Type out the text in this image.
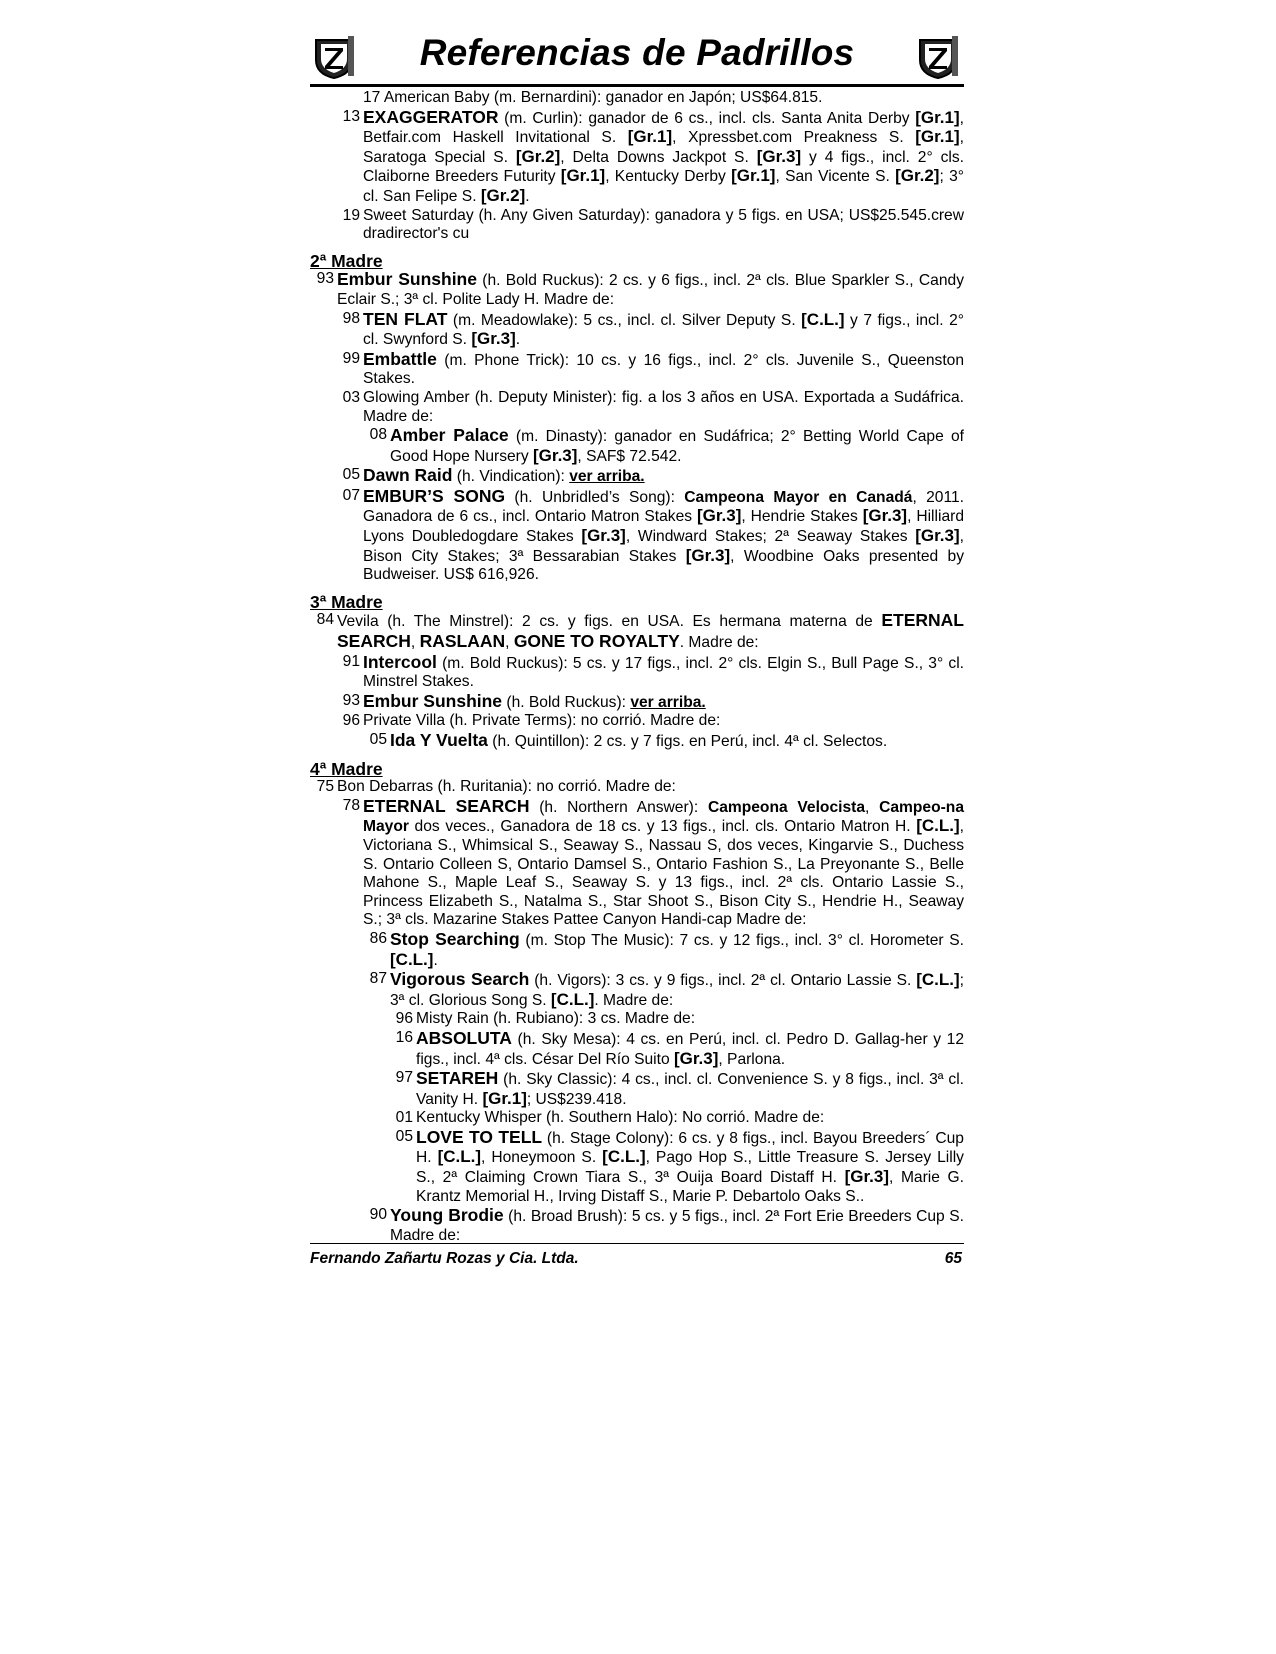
Referencias de Padrillos
17 American Baby (m. Bernardini): ganador en Japón; US$64.815.
13 EXAGGERATOR (m. Curlin): ganador de 6 cs., incl. cls. Santa Anita Derby [Gr.1], Betfair.com Haskell Invitational S. [Gr.1], Xpressbet.com Preakness S. [Gr.1], Saratoga Special S. [Gr.2], Delta Downs Jackpot S. [Gr.3] y 4 figs., incl. 2° cls. Claiborne Breeders Futurity [Gr.1], Kentucky Derby [Gr.1], San Vicente S. [Gr.2]; 3° cl. San Felipe S. [Gr.2].
19 Sweet Saturday (h. Any Given Saturday): ganadora y 5 figs. en USA; US$25.545.crew dradirector's cu
2ª Madre
93 Embur Sunshine (h. Bold Ruckus): 2 cs. y 6 figs., incl. 2ª cls. Blue Sparkler S., Candy Eclair S.; 3ª cl. Polite Lady H. Madre de:
98 TEN FLAT (m. Meadowlake): 5 cs., incl. cl. Silver Deputy S. [C.L.] y 7 figs., incl. 2° cl. Swynford S. [Gr.3].
99 Embattle (m. Phone Trick): 10 cs. y 16 figs., incl. 2° cls. Juvenile S., Queenston Stakes.
03 Glowing Amber (h. Deputy Minister): fig. a los 3 años en USA. Exportada a Sudáfrica. Madre de:
08 Amber Palace (m. Dinasty): ganador en Sudáfrica; 2° Betting World Cape of Good Hope Nursery [Gr.3], SAF$ 72.542.
05 Dawn Raid (h. Vindication): ver arriba.
07 EMBUR’S SONG (h. Unbridled’s Song): Campeona Mayor en Canadá, 2011. Ganadora de 6 cs., incl. Ontario Matron Stakes [Gr.3], Hendrie Stakes [Gr.3], Hilliard Lyons Doubledogdare Stakes [Gr.3], Windward Stakes; 2ª Seaway Stakes [Gr.3], Bison City Stakes; 3ª Bessarabian Stakes [Gr.3], Woodbine Oaks presented by Budweiser. US$ 616,926.
3ª Madre
84 Vevila (h. The Minstrel): 2 cs. y figs. en USA. Es hermana materna de ETERNAL SEARCH, RASLAAN, GONE TO ROYALTY. Madre de:
91 Intercool (m. Bold Ruckus): 5 cs. y 17 figs., incl. 2° cls. Elgin S., Bull Page S., 3° cl. Minstrel Stakes.
93 Embur Sunshine (h. Bold Ruckus): ver arriba.
96 Private Villa (h. Private Terms): no corrió. Madre de:
05 Ida Y Vuelta (h. Quintillon): 2 cs. y 7 figs. en Perú, incl. 4ª cl. Selectos.
4ª Madre
75 Bon Debarras (h. Ruritania): no corrió. Madre de:
78 ETERNAL SEARCH (h. Northern Answer): Campeona Velocista, Campeo-na Mayor dos veces., Ganadora de 18 cs. y 13 figs., incl. cls. Ontario Matron H. [C.L.], Victoriana S., Whimsical S., Seaway S., Nassau S, dos veces, Kingarvie S., Duchess S. Ontario Colleen S, Ontario Damsel S., Ontario Fashion S., La Preyonante S., Belle Mahone S., Maple Leaf S., Seaway S. y 13 figs., incl. 2ª cls. Ontario Lassie S., Princess Elizabeth S., Natalma S., Star Shoot S., Bison City S., Hendrie H., Seaway S.; 3ª cls. Mazarine Stakes Pattee Canyon Handi-cap Madre de:
86 Stop Searching (m. Stop The Music): 7 cs. y 12 figs., incl. 3° cl. Horometer S. [C.L.].
87 Vigorous Search (h. Vigors): 3 cs. y 9 figs., incl. 2ª cl. Ontario Lassie S. [C.L.]; 3ª cl. Glorious Song S. [C.L.]. Madre de:
96 Misty Rain (h. Rubiano): 3 cs. Madre de:
16 ABSOLUTA (h. Sky Mesa): 4 cs. en Perú, incl. cl. Pedro D. Gallag-her y 12 figs., incl. 4ª cls. César Del Río Suito [Gr.3], Parlona.
97 SETAREH (h. Sky Classic): 4 cs., incl. cl. Convenience S. y 8 figs., incl. 3ª cl. Vanity H. [Gr.1]; US$239.418.
01 Kentucky Whisper (h. Southern Halo): No corrió. Madre de:
05 LOVE TO TELL (h. Stage Colony): 6 cs. y 8 figs., incl. Bayou Breeders´ Cup H. [C.L.], Honeymoon S. [C.L.], Pago Hop S., Little Treasure S. Jersey Lilly S., 2ª Claiming Crown Tiara S., 3ª Ouija Board Distaff H. [Gr.3], Marie G. Krantz Memorial H., Irving Distaff S., Marie P. Debartolo Oaks S..
90 Young Brodie (h. Broad Brush): 5 cs. y 5 figs., incl. 2ª Fort Erie Breeders Cup S. Madre de:
Fernando Zañartu Rozas y Cia. Ltda.	65
